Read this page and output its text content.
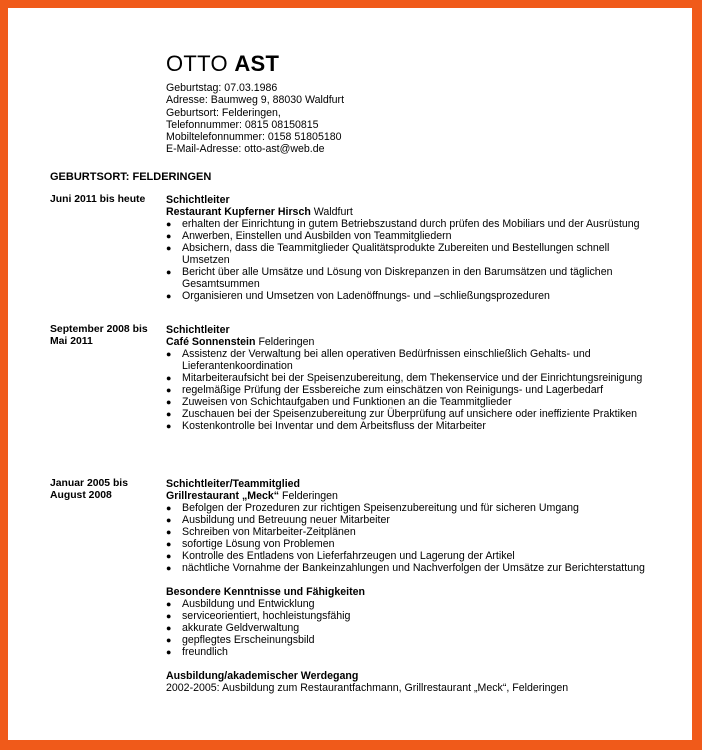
OTTO AST
Geburtstag: 07.03.1986
Adresse: Baumweg 9, 88030 Waldfurt
Geburtsort: Felderingen,
Telefonnummer: 0815 08150815
Mobiltelefonnummer: 0158 51805180
E-Mail-Adresse: otto-ast@web.de
GEBURTSORT: FELDERINGEN
Juni 2011 bis heute	Schichtleiter
Restaurant Kupferner Hirsch Waldfurt
● erhalten der Einrichtung in gutem Betriebszustand durch prüfen des Mobiliars und der Ausrüstung
● Anwerben, Einstellen und Ausbilden von Teammitgliedern
● Absichern, dass die Teammitglieder Qualitätsprodukte Zubereiten und Bestellungen schnell Umsetzen
● Bericht über alle Umsätze und Lösung von Diskrepanzen in den Barumsätzen und täglichen Gesamtsummen
● Organisieren und Umsetzen von Ladenöffnungs- und –schließungsprozeduren
September 2008 bis Mai 2011
Schichtleiter
Café Sonnenstein Felderingen
● Assistenz der Verwaltung bei allen operativen Bedürfnissen einschließlich Gehalts- und Lieferantenkoordination
● Mitarbeiteraufsicht bei der Speisenzubereitung, dem Thekenservice und der Einrichtungsreinigung
● regelmäßige Prüfung der Essbereiche zum einschätzen von Reinigungs- und Lagerbedarf
● Zuweisen von Schichtaufgaben und Funktionen an die Teammitglieder
● Zuschauen bei der Speisenzubereitung zur Überprüfung auf unsichere oder ineffiziente Praktiken
● Kostenkontrolle bei Inventar und dem Arbeitsfluss der Mitarbeiter
Januar 2005 bis August 2008
Schichtleiter/Teammitglied
Grillrestaurant „Meck“ Felderingen
● Befolgen der Prozeduren zur richtigen Speisenzubereitung und für sicheren Umgang
● Ausbildung und Betreuung neuer Mitarbeiter
● Schreiben von Mitarbeiter-Zeitplänen
● sofortige Lösung von Problemen
● Kontrolle des Entladens von Lieferfahrzeugen und Lagerung der Artikel
● nächtliche Vornahme der Bankeinzahlungen und Nachverfolgen der Umsätze zur Berichterstattung
Besondere Kenntnisse und Fähigkeiten
● Ausbildung und Entwicklung
● serviceorientiert, hochleistungsfähig
● akkurate Geldverwaltung
● gepflegtes Erscheinungsbild
● freundlich
Ausbildung/akademischer Werdegang
2002-2005: Ausbildung zum Restaurantfachmann, Grillrestaurant „Meck“, Felderingen
